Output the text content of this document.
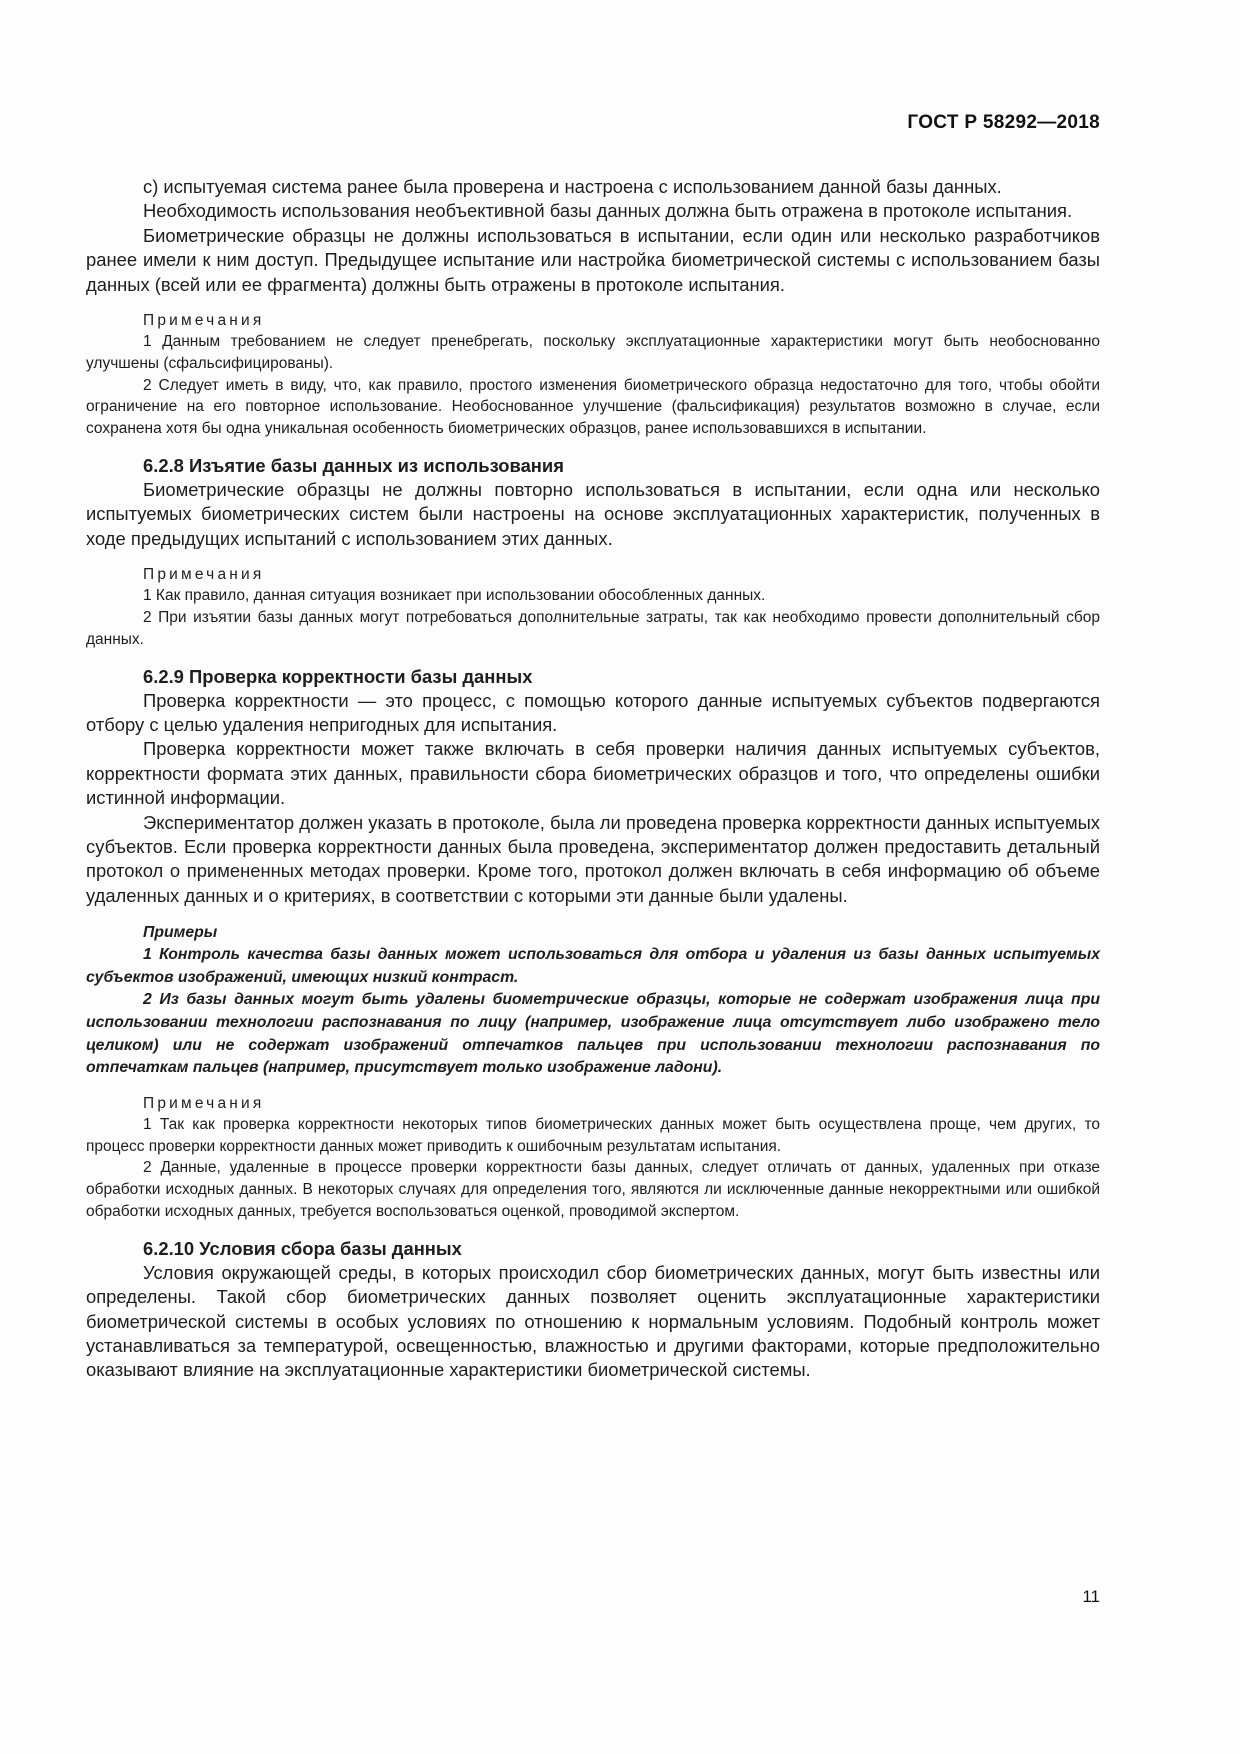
ГОСТ Р 58292—2018

с) испытуемая система ранее была проверена и настроена с использованием данной базы данных.

Необходимость использования необъективной базы данных должна быть отражена в протоколе испытания.

Биометрические образцы не должны использоваться в испытании, если один или несколько разработчиков ранее имели к ним доступ. Предыдущее испытание или настройка биометрической системы с использованием базы данных (всей или ее фрагмента) должны быть отражены в протоколе испытания.

Примечания

1 Данным требованием не следует пренебрегать, поскольку эксплуатационные характеристики могут быть необоснованно улучшены (сфальсифицированы).

2 Следует иметь в виду, что, как правило, простого изменения биометрического образца недостаточно для того, чтобы обойти ограничение на его повторное использование. Необоснованное улучшение (фальсификация) результатов возможно в случае, если сохранена хотя бы одна уникальная особенность биометрических образцов, ранее использовавшихся в испытании.

6.2.8 Изъятие базы данных из использования

Биометрические образцы не должны повторно использоваться в испытании, если одна или несколько испытуемых биометрических систем были настроены на основе эксплуатационных характеристик, полученных в ходе предыдущих испытаний с использованием этих данных.

Примечания

1 Как правило, данная ситуация возникает при использовании обособленных данных.

2 При изъятии базы данных могут потребоваться дополнительные затраты, так как необходимо провести дополнительный сбор данных.

6.2.9 Проверка корректности базы данных

Проверка корректности — это процесс, с помощью которого данные испытуемых субъектов подвергаются отбору с целью удаления непригодных для испытания.

Проверка корректности может также включать в себя проверки наличия данных испытуемых субъектов, корректности формата этих данных, правильности сбора биометрических образцов и того, что определены ошибки истинной информации.

Экспериментатор должен указать в протоколе, была ли проведена проверка корректности данных испытуемых субъектов. Если проверка корректности данных была проведена, экспериментатор должен предоставить детальный протокол о примененных методах проверки. Кроме того, протокол должен включать в себя информацию об объеме удаленных данных и о критериях, в соответствии с которыми эти данные были удалены.

Примеры

1 Контроль качества базы данных может использоваться для отбора и удаления из базы данных испытуемых субъектов изображений, имеющих низкий контраст.

2 Из базы данных могут быть удалены биометрические образцы, которые не содержат изображения лица при использовании технологии распознавания по лицу (например, изображение лица отсутствует либо изображено тело целиком) или не содержат изображений отпечатков пальцев при использовании технологии распознавания по отпечаткам пальцев (например, присутствует только изображение ладони).

Примечания

1 Так как проверка корректности некоторых типов биометрических данных может быть осуществлена проще, чем других, то процесс проверки корректности данных может приводить к ошибочным результатам испытания.

2 Данные, удаленные в процессе проверки корректности базы данных, следует отличать от данных, удаленных при отказе обработки исходных данных. В некоторых случаях для определения того, являются ли исключенные данные некорректными или ошибкой обработки исходных данных, требуется воспользоваться оценкой, проводимой экспертом.

6.2.10 Условия сбора базы данных

Условия окружающей среды, в которых происходил сбор биометрических данных, могут быть известны или определены. Такой сбор биометрических данных позволяет оценить эксплуатационные характеристики биометрической системы в особых условиях по отношению к нормальным условиям. Подобный контроль может устанавливаться за температурой, освещенностью, влажностью и другими факторами, которые предположительно оказывают влияние на эксплуатационные характеристики биометрической системы.

11
